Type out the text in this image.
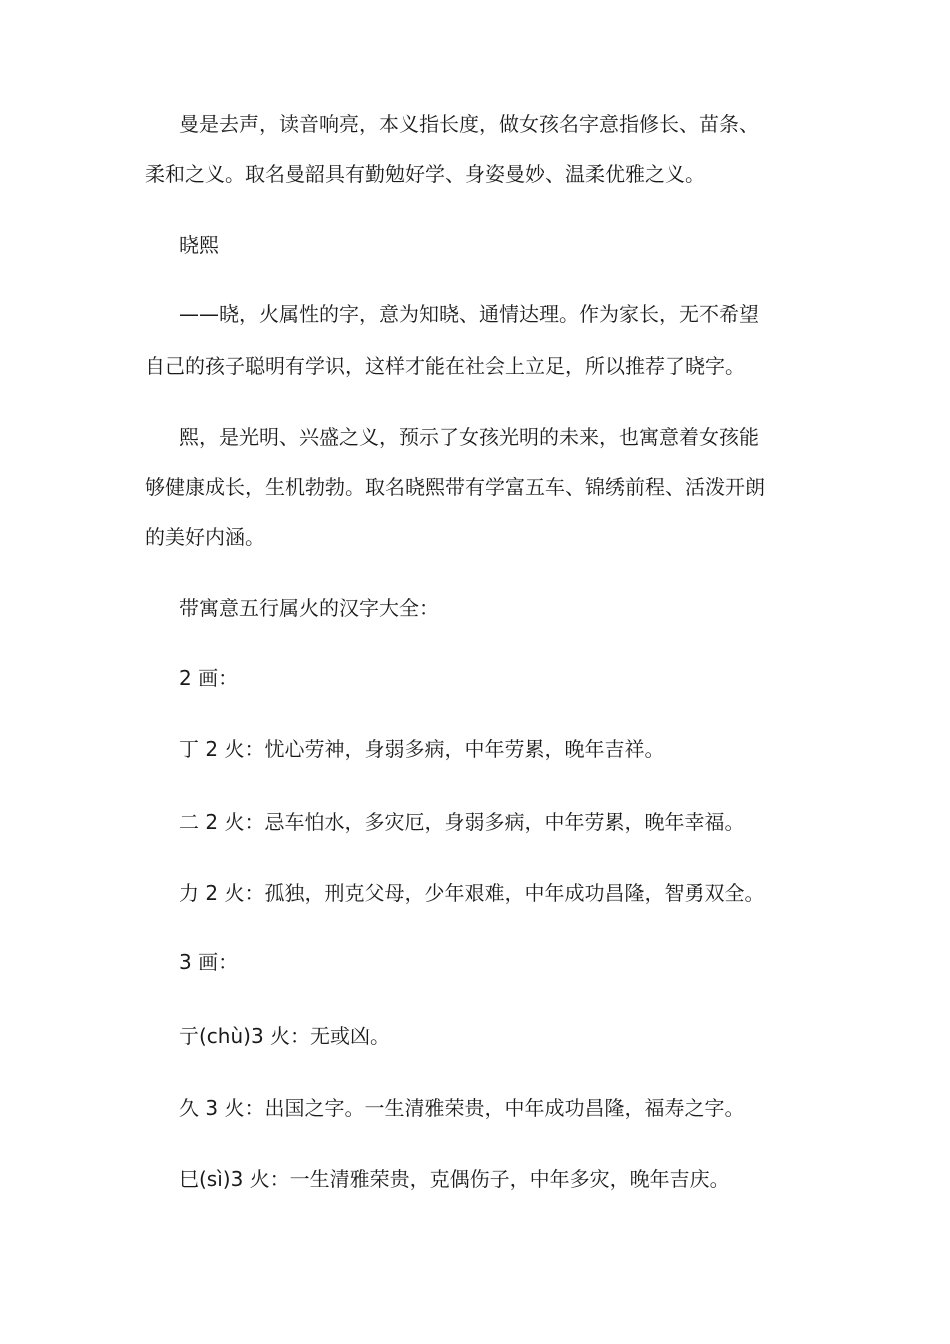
曼是去声，读音响亮，本义指长度，做女孩名字意指修长、苗条、

柔和之义。取名曼韶具有勤勉好学、身姿曼妙、温柔优雅之义。

晓熙

——晓，火属性的字，意为知晓、通情达理。作为家长，无不希望

自己的孩子聪明有学识，这样才能在社会上立足，所以推荐了晓字。

熙，是光明、兴盛之义，预示了女孩光明的未来，也寓意着女孩能

够健康成长，生机勃勃。取名晓熙带有学富五车、锦绣前程、活泼开朗

的美好内涵。

带寓意五行属火的汉字大全：

2 画：

丁 2 火：忧心劳神，身弱多病，中年劳累，晚年吉祥。

二 2 火：忌车怕水，多灾厄，身弱多病，中年劳累，晚年幸福。

力 2 火：孤独，刑克父母，少年艰难，中年成功昌隆，智勇双全。

3 画：

亍(chù)3 火：无或凶。

久 3 火：出国之字。一生清雅荣贵，中年成功昌隆，福寿之字。

巳(sì)3 火：一生清雅荣贵，克偶伤子，中年多灾，晚年吉庆。
